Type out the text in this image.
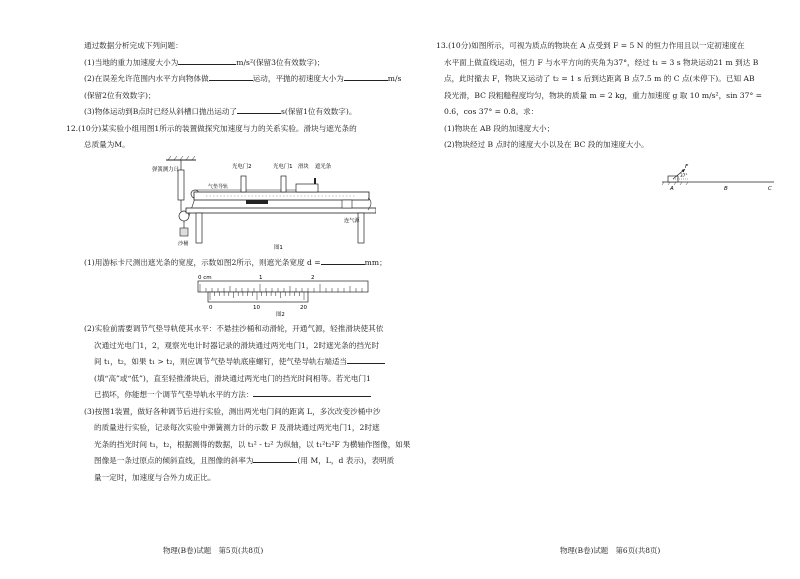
通过数据分析完成下列问题：

(1)当地的重力加速度大小为	m/s²(保留3位有效数字)；

(2)在误差允许范围内水平方向物体做	运动，平抛的初速度大小为	m/s

(保留2位有效数字)；

(3)物体运动到B点时已经从斜槽口抛出运动了	s(保留1位有效数字)。

12.(10分)某实验小组用图1所示的装置做探究加速度与力的关系实验。滑块与遮光条的

总质量为M。

弹簧测力计	光电门2	光电门1 滑块 遮光条
气垫导轨
连气源
沙桶
图1

(1)用游标卡尺测出遮光条的宽度，示数如图2所示，则遮光条宽度 d =	mm；

0 cm	1	2
0	10	20
图2

(2)实验前需要调节气垫导轨使其水平：不悬挂沙桶和动滑轮，开通气源，轻推滑块使其依

次通过光电门1，2，观察光电计时器记录的滑块通过两光电门1，2时遮光条的挡光时

间 t₁，t₂，如果 t₁ > t₂，则应调节气垫导轨底座螺钉，使气垫导轨右端适当

(填“高”或“低”)，直至轻推滑块后，滑块通过两光电门的挡光时间相等。若光电门1

已损坏，你能想一个调节气垫导轨水平的方法：

(3)按图1装置，做好各种调节后进行实验，测出两光电门间的距离 L，多次改变沙桶中沙

的质量进行实验，记录每次实验中弹簧测力计的示数 F 及滑块通过两光电门1，2时遮

光条的挡光时间 t₁，t₂，根据测得的数据，以 t₁² - t₂² 为纵轴，以 t₁²t₂²F 为横轴作图像，如果

图像是一条过原点的倾斜直线，且图像的斜率为	(用 M，L，d 表示)，表明质

量一定时，加速度与合外力成正比。

13.(10分)如图所示，可视为质点的物块在 A 点受到 F = 5 N 的恒力作用且以一定初速度在

水平面上做直线运动，恒力 F 与水平方向的夹角为37°，经过 t₁ = 3 s 物块运动21 m 到达 B

点，此时撤去 F，物块又运动了 t₂ = 1 s 后到达距离 B 点7.5 m 的 C 点(未停下)。已知 AB

段光滑，BC 段粗糙程度均匀，物块的质量 m = 2 kg，重力加速度 g 取 10 m/s²，sin 37° =

0.6，cos 37° = 0.8。求：

(1)物块在 AB 段的加速度大小；

(2)物块经过 B 点时的速度大小以及在 BC 段的加速度大小。

F
37°
A	B	C
物理(B卷)试题　第5页(共8页)	物理(B卷)试题　第6页(共8页)
